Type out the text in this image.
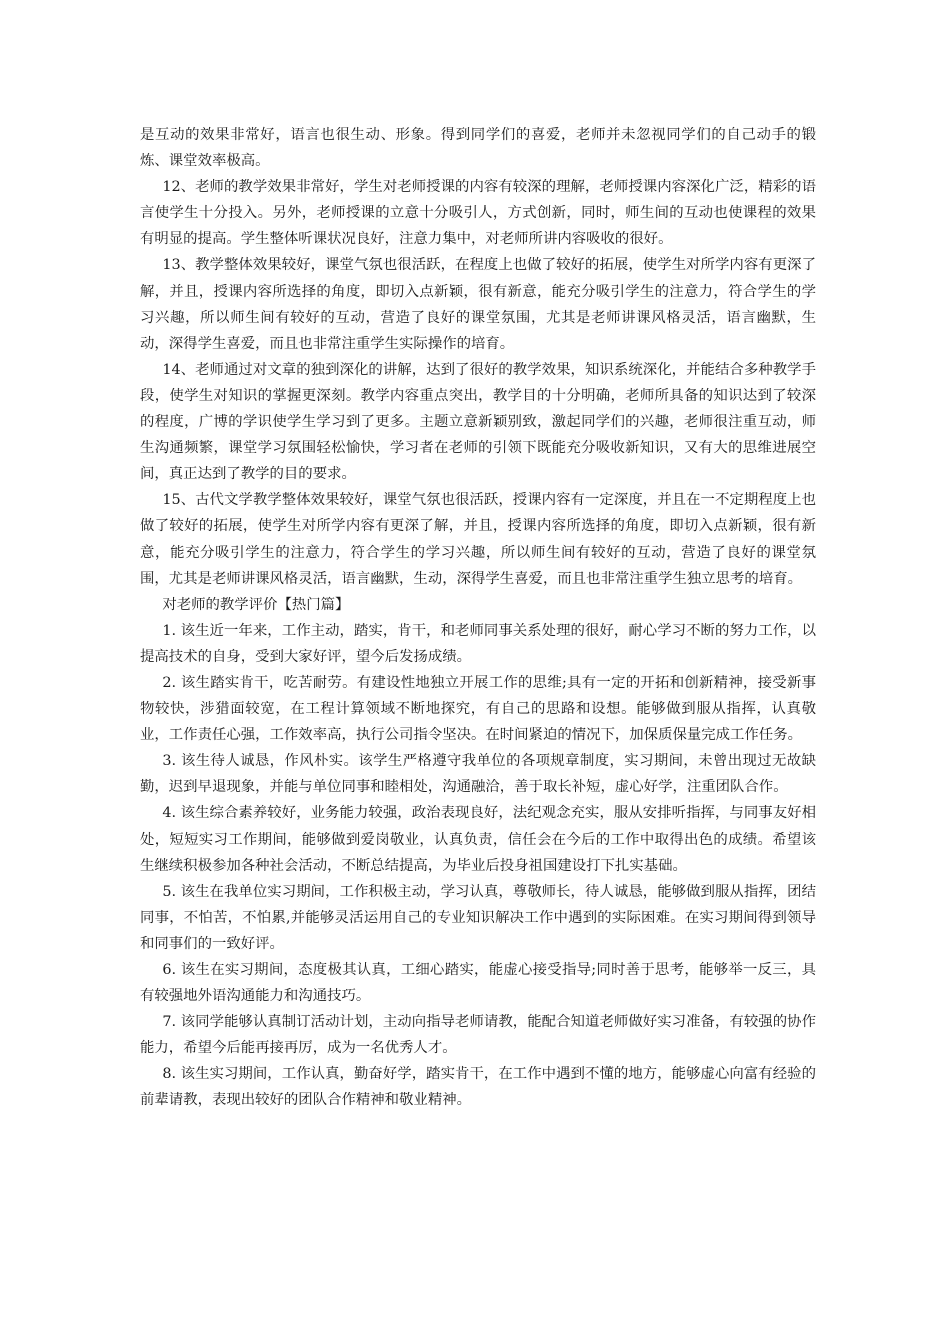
是互动的效果非常好，语言也很生动、形象。得到同学们的喜爱，老师并未忽视同学们的自己动手的锻炼、课堂效率极高。

12、老师的教学效果非常好，学生对老师授课的内容有较深的理解，老师授课内容深化广泛，精彩的语言使学生十分投入。另外，老师授课的立意十分吸引人，方式创新，同时，师生间的互动也使课程的效果有明显的提高。学生整体听课状况良好，注意力集中，对老师所讲内容吸收的很好。

13、教学整体效果较好，课堂气氛也很活跃，在程度上也做了较好的拓展，使学生对所学内容有更深了解，并且，授课内容所选择的角度，即切入点新颖，很有新意，能充分吸引学生的注意力，符合学生的学习兴趣，所以师生间有较好的互动，营造了良好的课堂氛围，尤其是老师讲课风格灵活，语言幽默，生动，深得学生喜爱，而且也非常注重学生实际操作的培育。

14、老师通过对文章的独到深化的讲解，达到了很好的教学效果，知识系统深化，并能结合多种教学手段，使学生对知识的掌握更深刻。教学内容重点突出，教学目的十分明确，老师所具备的知识达到了较深的程度，广博的学识使学生学习到了更多。主题立意新颖别致，激起同学们的兴趣，老师很注重互动，师生沟通频繁，课堂学习氛围轻松愉快，学习者在老师的引领下既能充分吸收新知识，又有大的思维进展空间，真正达到了教学的目的要求。

15、古代文学教学整体效果较好，课堂气氛也很活跃，授课内容有一定深度，并且在一不定期程度上也做了较好的拓展，使学生对所学内容有更深了解，并且，授课内容所选择的角度，即切入点新颖，很有新意，能充分吸引学生的注意力，符合学生的学习兴趣，所以师生间有较好的互动，营造了良好的课堂氛围，尤其是老师讲课风格灵活，语言幽默，生动，深得学生喜爱，而且也非常注重学生独立思考的培育。

对老师的教学评价【热门篇】

1. 该生近一年来，工作主动，踏实，肯干，和老师同事关系处理的很好，耐心学习不断的努力工作，以提高技术的自身，受到大家好评，望今后发扬成绩。

2. 该生踏实肯干，吃苦耐劳。有建设性地独立开展工作的思维;具有一定的开拓和创新精神，接受新事物较快，涉猎面较宽，在工程计算领域不断地探究，有自己的思路和设想。能够做到服从指挥，认真敬业，工作责任心强，工作效率高，执行公司指令坚决。在时间紧迫的情况下，加保质保量完成工作任务。

3. 该生待人诚恳，作风朴实。该学生严格遵守我单位的各项规章制度，实习期间，未曾出现过无故缺勤，迟到早退现象，并能与单位同事和睦相处，沟通融洽，善于取长补短，虚心好学，注重团队合作。

4. 该生综合素养较好，业务能力较强，政治表现良好，法纪观念充实，服从安排听指挥，与同事友好相处，短短实习工作期间，能够做到爱岗敬业，认真负责，信任会在今后的工作中取得出色的成绩。希望该生继续积极参加各种社会活动，不断总结提高，为毕业后投身祖国建设打下扎实基础。

5. 该生在我单位实习期间，工作积极主动，学习认真，尊敬师长，待人诚恳，能够做到服从指挥，团结同事，不怕苦，不怕累,并能够灵活运用自己的专业知识解决工作中遇到的实际困难。在实习期间得到领导和同事们的一致好评。

6. 该生在实习期间，态度极其认真，工细心踏实，能虚心接受指导;同时善于思考，能够举一反三，具有较强地外语沟通能力和沟通技巧。

7. 该同学能够认真制订活动计划，主动向指导老师请教，能配合知道老师做好实习准备，有较强的协作能力，希望今后能再接再厉，成为一名优秀人才。

8. 该生实习期间，工作认真，勤奋好学，踏实肯干，在工作中遇到不懂的地方，能够虚心向富有经验的前辈请教，表现出较好的团队合作精神和敬业精神。
